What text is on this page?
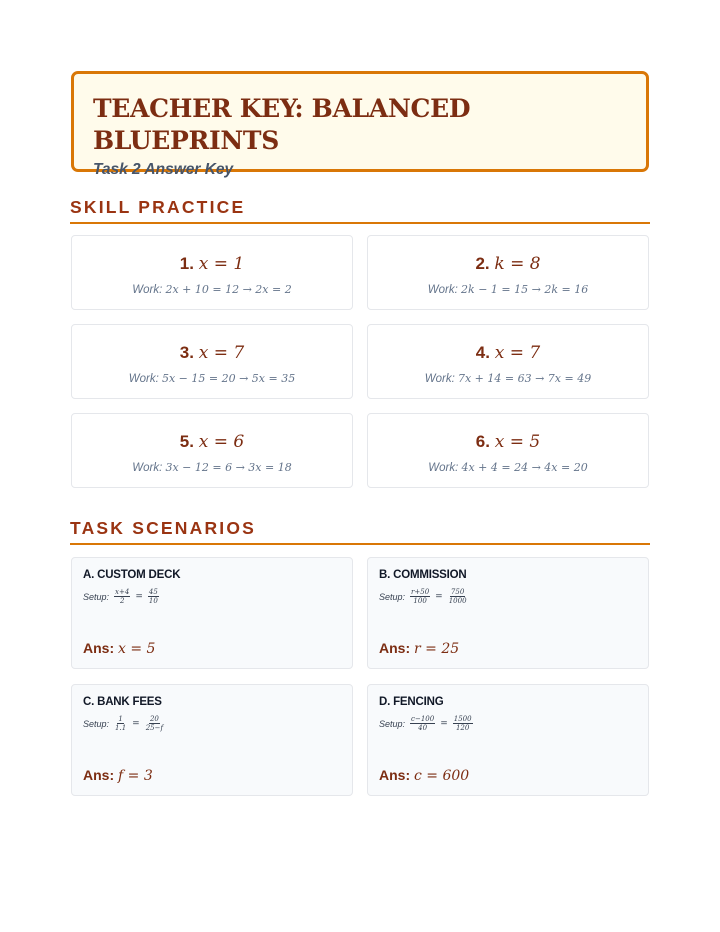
TEACHER KEY: BALANCED BLUEPRINTS
Task 2 Answer Key
SKILL PRACTICE
1. x = 1
Work: 2x + 10 = 12 → 2x = 2
2. k = 8
Work: 2k − 1 = 15 → 2k = 16
3. x = 7
Work: 5x − 15 = 20 → 5x = 35
4. x = 7
Work: 7x + 14 = 63 → 7x = 49
5. x = 6
Work: 3x − 12 = 6 → 3x = 18
6. x = 5
Work: 4x + 4 = 24 → 4x = 20
TASK SCENARIOS
A. CUSTOM DECK
Setup: $\frac{x+4}{2} = \frac{45}{10}$
Ans: x = 5
B. COMMISSION
Setup: $\frac{r+50}{100} = \frac{750}{1000}$
Ans: r = 25
C. BANK FEES
Setup: $\frac{1}{1.1} = \frac{20}{25-f}$
Ans: f = 3
D. FENCING
Setup: $\frac{c-100}{40} = \frac{1500}{120}$
Ans: c = 600
